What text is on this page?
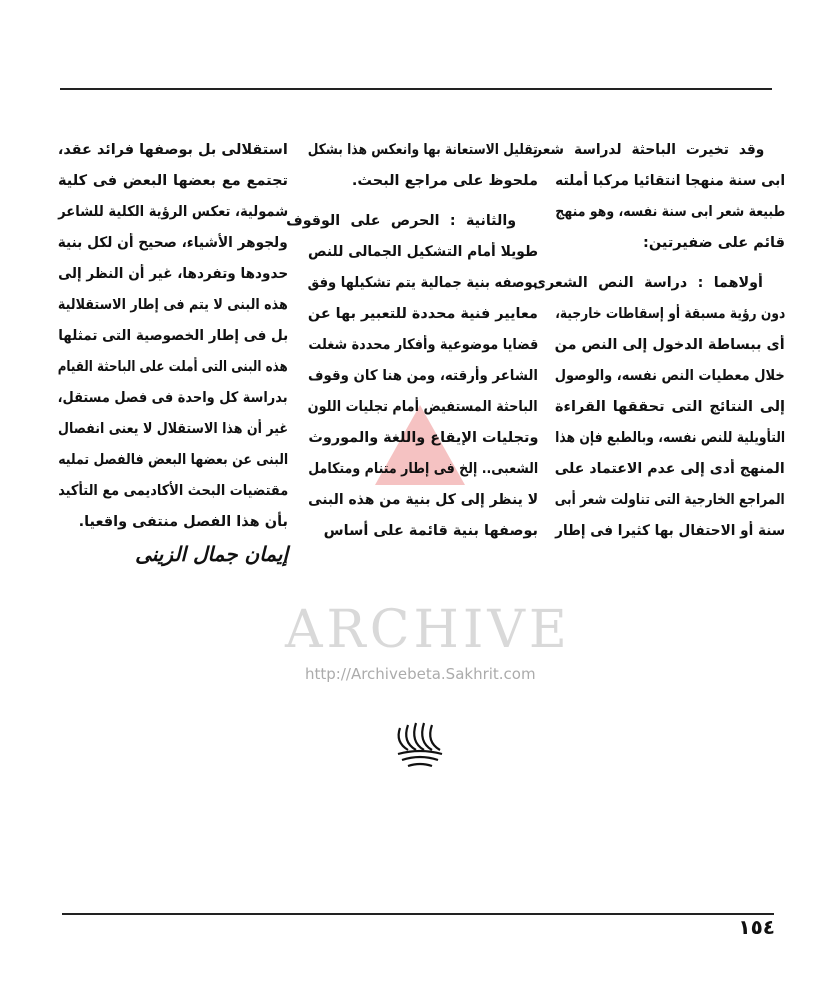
وقد تخيرت الباحثة لدراسة شعر
ابى سنة منهجا انتقائيا مركبا أملته
طبيعة شعر ابى سنة نفسه، وهو منهج
قائم على ضفيرتين:
أولاهما : دراسة النص الشعرى
دون رؤية مسبقة أو إسقاطات خارجية،
أى ببساطة الدخول إلى النص من
خلال معطيات النص نفسه، والوصول
إلى النتائج التى تحققها القراءة
التأويلية للنص نفسه، وبالطبع فإن هذا
المنهج أدى إلى عدم الاعتماد على
المراجع الخارجية التى تناولت شعر أبى
سنة أو الاحتفال بها كثيرا فى إطار
تقليل الاستعانة بها وانعكس هذا بشكل
ملحوظ على مراجع البحث.
والثانية : الحرص على الوقوف
طويلا أمام التشكيل الجمالى للنص
بوصفه بنية جمالية يتم تشكيلها وفق
معايير فنية محددة للتعبير بها عن
قضايا موضوعية وأفكار محددة شغلت
الشاعر وأرقته، ومن هنا كان وقوف
الباحثة المستفيض أمام تجليات اللون
وتجليات الإيقاع واللغة والموروث
الشعبى.. إلخ فى إطار متنام ومتكامل
لا ينظر إلى كل بنية من هذه البنى
بوصفها بنية قائمة على أساس
استقلالى بل بوصفها فرائد عقد،
تجتمع مع بعضها البعض فى كلية
شمولية، تعكس الرؤية الكلية للشاعر
ولجوهر الأشياء، صحيح أن لكل بنية
حدودها وتفردها، غير أن النظر إلى
هذه البنى لا يتم فى إطار الاستقلالية
بل فى إطار الخصوصية التى تمثلها
هذه البنى التى أملت على الباحثة القيام
بدراسة كل واحدة فى فصل مستقل،
غير أن هذا الاستقلال لا يعنى انفصال
البنى عن بعضها البعض فالفصل تمليه
مقتضيات البحث الأكاديمى مع التأكيد
بأن هذا الفصل منتفى واقعيا.
إيمان جمال الزينى
ARCHIVE
http://Archivebeta.Sakhrit.com
١٥٤
